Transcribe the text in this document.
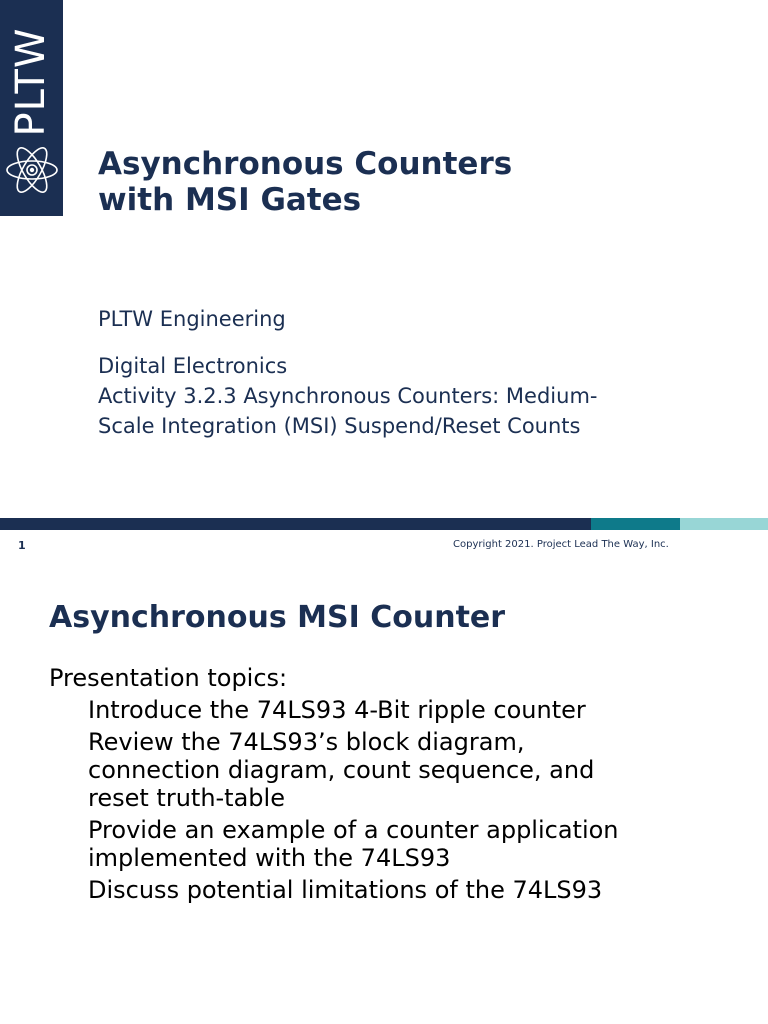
PLTW
Asynchronous Counters
with MSI Gates
PLTW Engineering
Digital Electronics
Activity 3.2.3 Asynchronous Counters: Medium-
Scale Integration (MSI) Suspend/Reset Counts
1	Copyright 2021. Project Lead The Way, Inc.
Asynchronous MSI Counter
Presentation topics:
Introduce the 74LS93 4-Bit ripple counter
Review the 74LS93’s block diagram,
connection diagram, count sequence, and
reset truth-table
Provide an example of a counter application
implemented with the 74LS93
Discuss potential limitations of the 74LS93
